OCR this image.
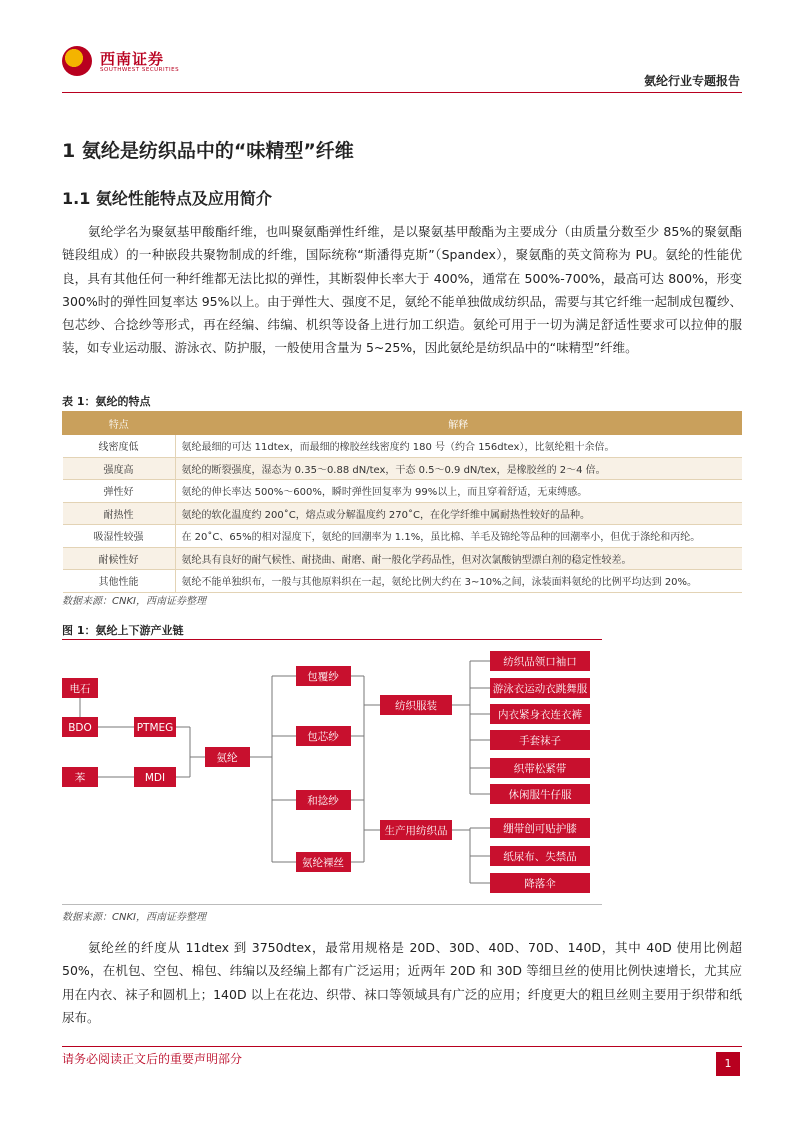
西南证券
SOUTHWEST SECURITIES
氨纶行业专题报告
1 氨纶是纺织品中的“味精型”纤维
1.1 氨纶性能特点及应用简介
氨纶学名为聚氨基甲酸酯纤维，也叫聚氨酯弹性纤维，是以聚氨基甲酸酯为主要成分（由质量分数至少 85%的聚氨酯链段组成）的一种嵌段共聚物制成的纤维，国际统称“斯潘得克斯”（Spandex），聚氨酯的英文简称为 PU。氨纶的性能优良，具有其他任何一种纤维都无法比拟的弹性，其断裂伸长率大于 400%，通常在 500%-700%，最高可达 800%，形变 300%时的弹性回复率达 95%以上。由于弹性大、强度不足，氨纶不能单独做成纺织品，需要与其它纤维一起制成包覆纱、包芯纱、合捻纱等形式，再在经编、纬编、机织等设备上进行加工织造。氨纶可用于一切为满足舒适性要求可以拉伸的服装，如专业运动服、游泳衣、防护服，一般使用含量为 5~25%，因此氨纶是纺织品中的“味精型”纤维。
表 1：氨纶的特点
特点	解释
线密度低	氨纶最细的可达 11dtex，而最细的橡胶丝线密度约 180 号（约合 156dtex），比氨纶粗十余倍。
强度高	氨纶的断裂强度，湿态为 0.35～0.88 dN/tex，干态 0.5～0.9 dN/tex，是橡胶丝的 2～4 倍。
弹性好	氨纶的伸长率达 500%～600%，瞬时弹性回复率为 99%以上，而且穿着舒适，无束缚感。
耐热性	氨纶的软化温度约 200˚C，熔点或分解温度约 270˚C，在化学纤维中属耐热性较好的品种。
吸湿性较强	在 20˚C、65%的相对湿度下，氨纶的回潮率为 1.1%，虽比棉、羊毛及锦纶等品种的回潮率小，但优于涤纶和丙纶。
耐候性好	氨纶具有良好的耐气候性、耐挠曲、耐磨、耐一般化学药品性，但对次氯酸钠型漂白剂的稳定性较差。
其他性能	氨纶不能单独织布，一般与其他原料织在一起，氨纶比例大约在 3~10%之间，泳装面料氨纶的比例平均达到 20%。
数据来源：CNKI，西南证券整理
图 1：氨纶上下游产业链
电石
BDO
苯
PTMEG
MDI
氨纶
包覆纱
包芯纱
和捻纱
氨纶裸丝
纺织服装
生产用纺织品
纺织品领口袖口
游泳衣运动衣跳舞服
内衣紧身衣连衣裤
手套袜子
织带松紧带
休闲服牛仔服
绷带创可贴护膝
纸尿布、失禁品
降落伞
数据来源：CNKI，西南证券整理
氨纶丝的纤度从 11dtex 到 3750dtex，最常用规格是 20D、30D、40D、70D、140D，其中 40D 使用比例超 50%，在机包、空包、棉包、纬编以及经编上都有广泛运用；近两年 20D 和 30D 等细旦丝的使用比例快速增长，尤其应用在内衣、袜子和圆机上；140D 以上在花边、织带、袜口等领域具有广泛的应用；纤度更大的粗旦丝则主要用于织带和纸尿布。
请务必阅读正文后的重要声明部分	1
